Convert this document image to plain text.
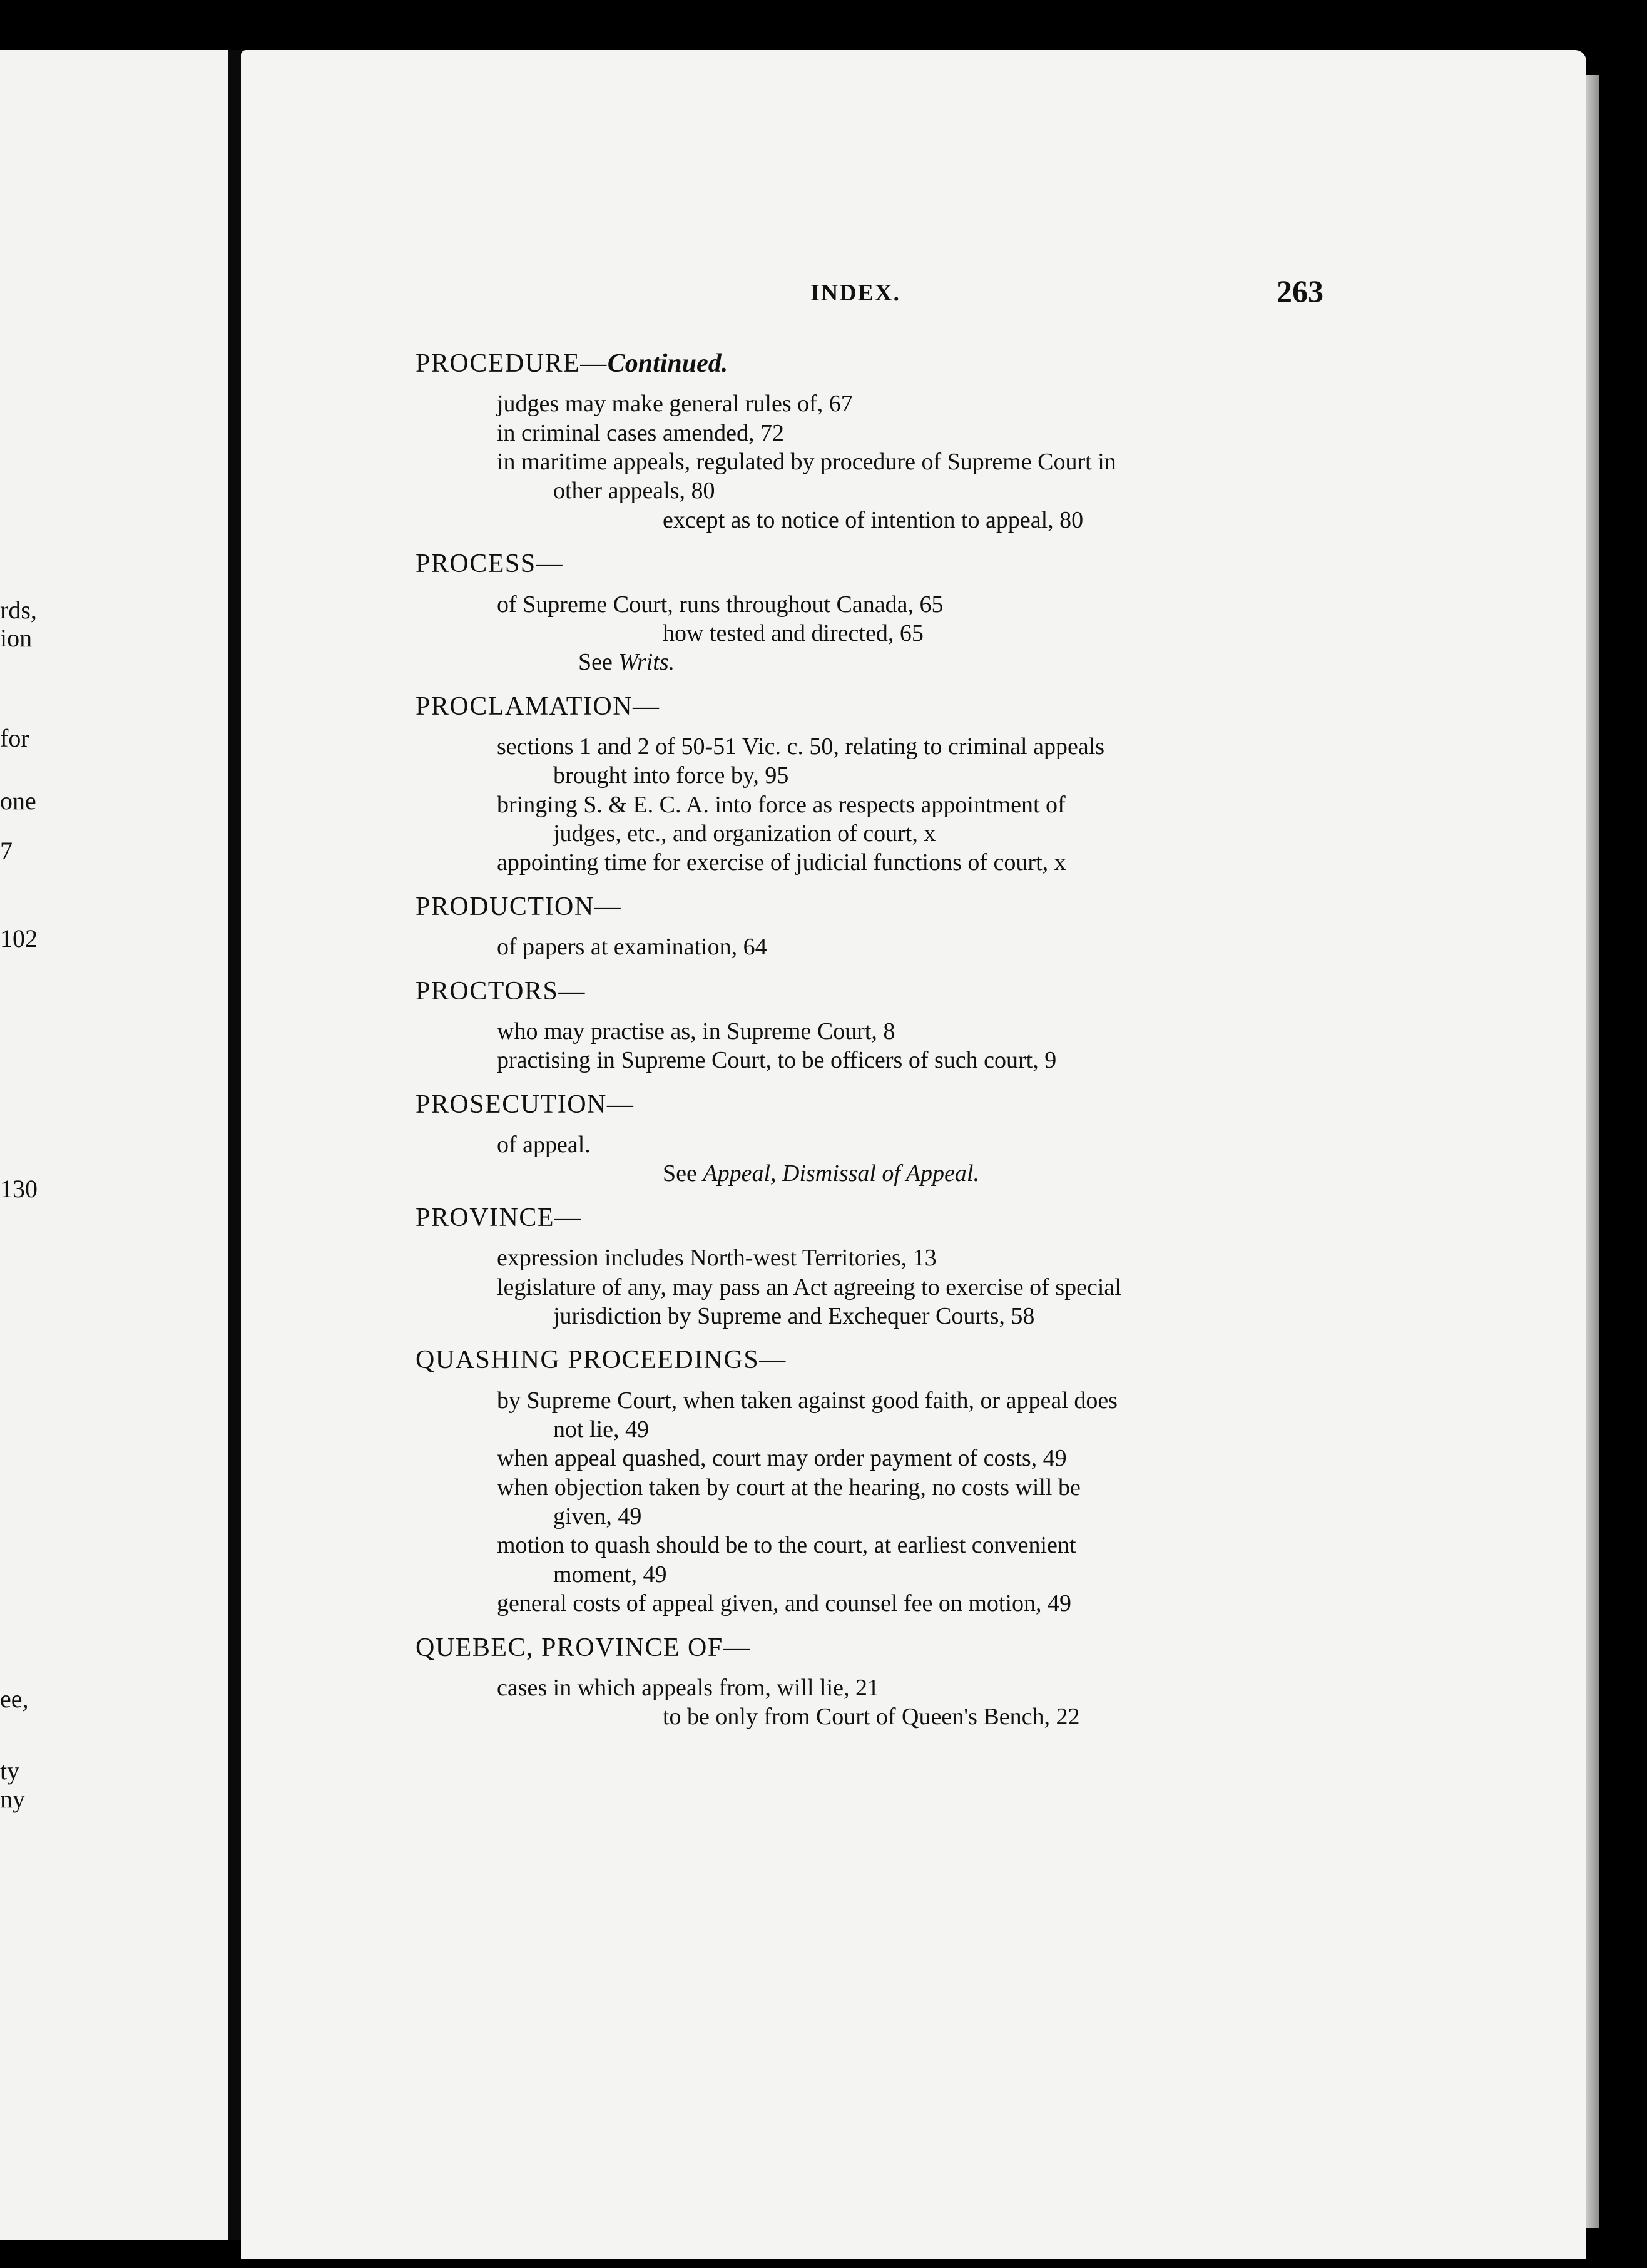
rds,
ion
for
one
7
102
130
ee,
ty
ny
INDEX.	263
PROCEDURE—Continued.
judges may make general rules of, 67
in criminal cases amended, 72
in maritime appeals, regulated by procedure of Supreme Court in
other appeals, 80
except as to notice of intention to appeal, 80
PROCESS—
of Supreme Court, runs throughout Canada, 65
how tested and directed, 65
See Writs.
PROCLAMATION—
sections 1 and 2 of 50-51 Vic. c. 50, relating to criminal appeals
brought into force by, 95
bringing S. & E. C. A. into force as respects appointment of
judges, etc., and organization of court, x
appointing time for exercise of judicial functions of court, x
PRODUCTION—
of papers at examination, 64
PROCTORS—
who may practise as, in Supreme Court, 8
practising in Supreme Court, to be officers of such court, 9
PROSECUTION—
of appeal.
See Appeal, Dismissal of Appeal.
PROVINCE—
expression includes North-west Territories, 13
legislature of any, may pass an Act agreeing to exercise of special
jurisdiction by Supreme and Exchequer Courts, 58
QUASHING PROCEEDINGS—
by Supreme Court, when taken against good faith, or appeal does
not lie, 49
when appeal quashed, court may order payment of costs, 49
when objection taken by court at the hearing, no costs will be
given, 49
motion to quash should be to the court, at earliest convenient
moment, 49
general costs of appeal given, and counsel fee on motion, 49
QUEBEC, PROVINCE OF—
cases in which appeals from, will lie, 21
to be only from Court of Queen's Bench, 22
